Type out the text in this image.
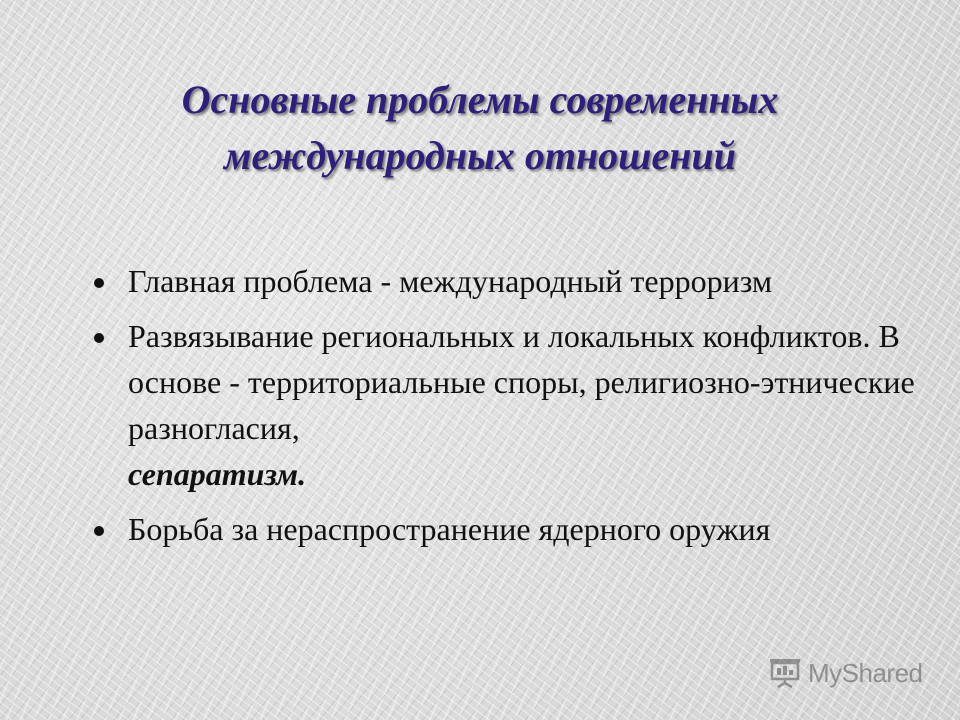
Основные проблемы современных
международных отношений
Главная проблема - международный терроризм
Развязывание региональных и локальных конфликтов. В основе - территориальные споры, религиозно-этнические разногласия,
сепаратизм.
Борьба за нераспространение ядерного оружия
MyShared
